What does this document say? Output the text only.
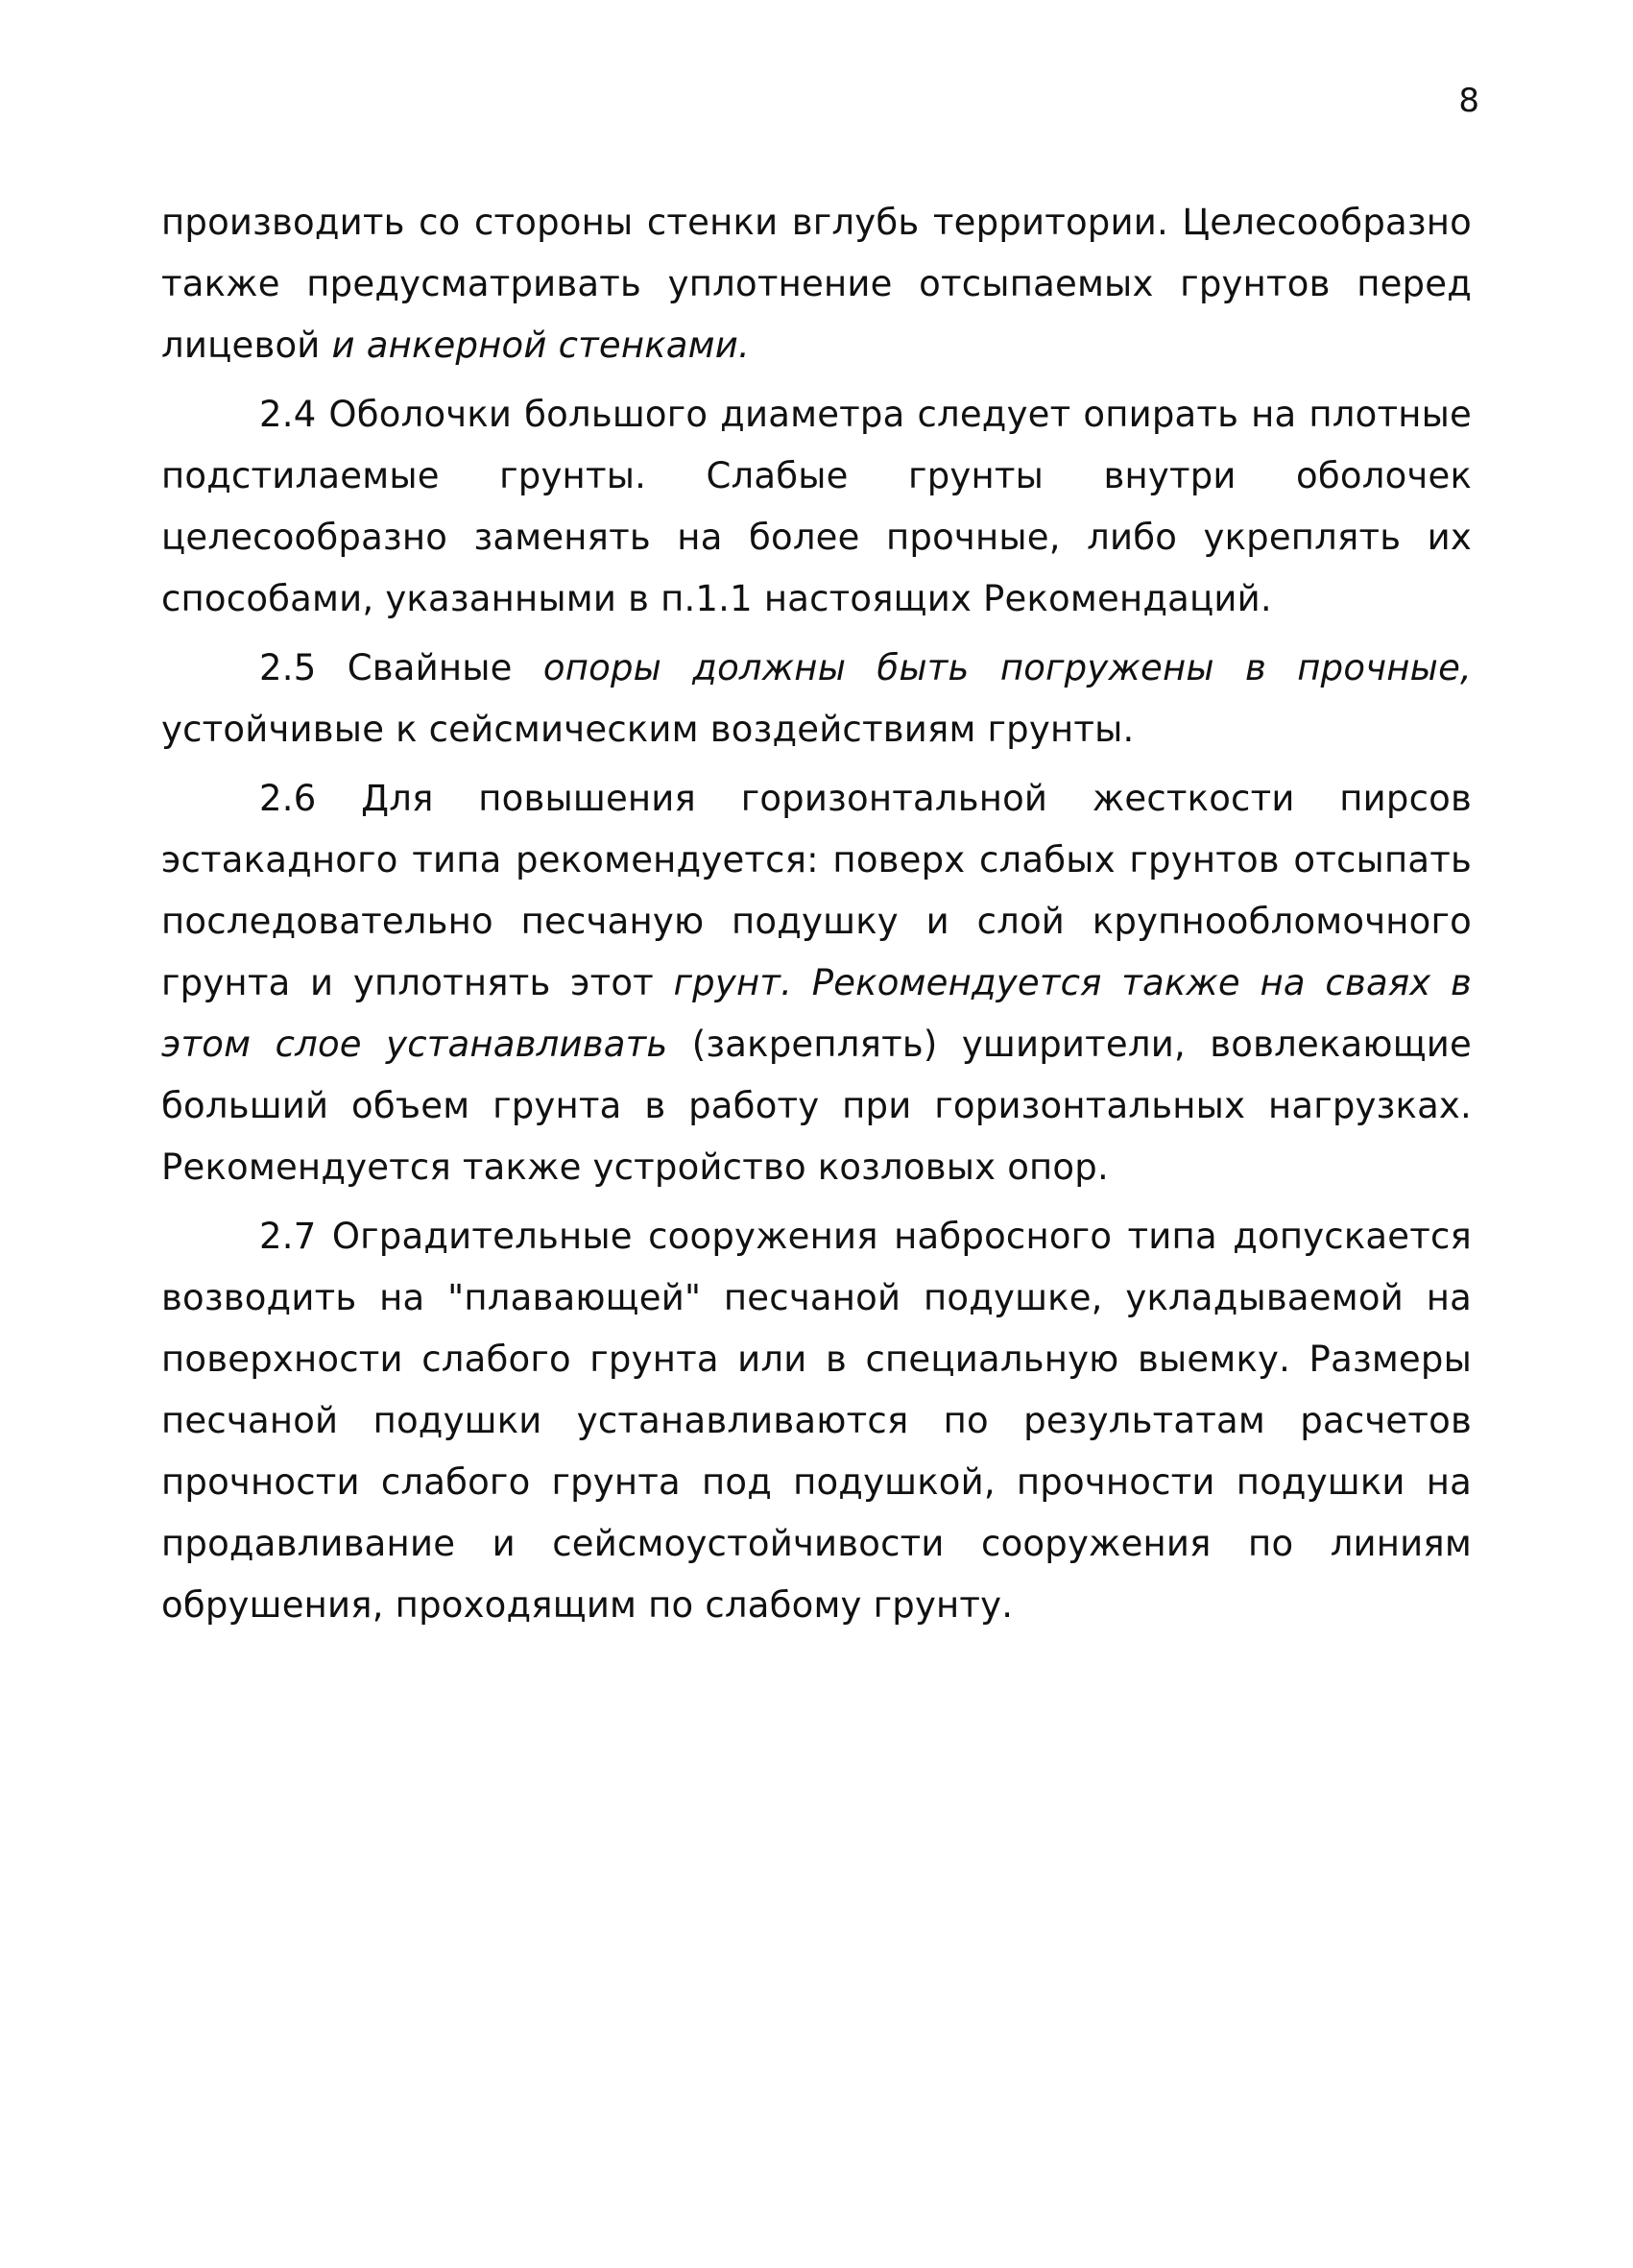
8

производить со стороны стенки вглубь территории. Целесообразно также предусматривать уплотнение отсыпаемых грунтов перед лицевой и анкерной стенками.

2.4 Оболочки большого диаметра следует опирать на плотные подстилаемые грунты. Слабые грунты внутри оболочек целесообразно заменять на более прочные, либо укреплять их способами, указанными в п.1.1 настоящих Рекомендаций.

2.5 Свайные опоры должны быть погружены в прочные, устойчивые к сейсмическим воздействиям грунты.

2.6 Для повышения горизонтальной жесткости пирсов эстакадного типа рекомендуется: поверх слабых грунтов отсыпать последовательно песчаную подушку и слой крупнообломочного грунта и уплотнять этот грунт. Рекомендуется также на сваях в этом слое устанавливать (закреплять) уширители, вовлекающие больший объем грунта в работу при горизонтальных нагрузках. Рекомендуется также устройство козловых опор.

2.7 Оградительные сооружения набросного типа допускается возводить на "плавающей" песчаной подушке, укладываемой на поверхности слабого грунта или в специальную выемку. Размеры песчаной подушки устанавливаются по результатам расчетов прочности слабого грунта под подушкой, прочности подушки на продавливание и сейсмоустойчивости сооружения по линиям обрушения, проходящим по слабому грунту.
